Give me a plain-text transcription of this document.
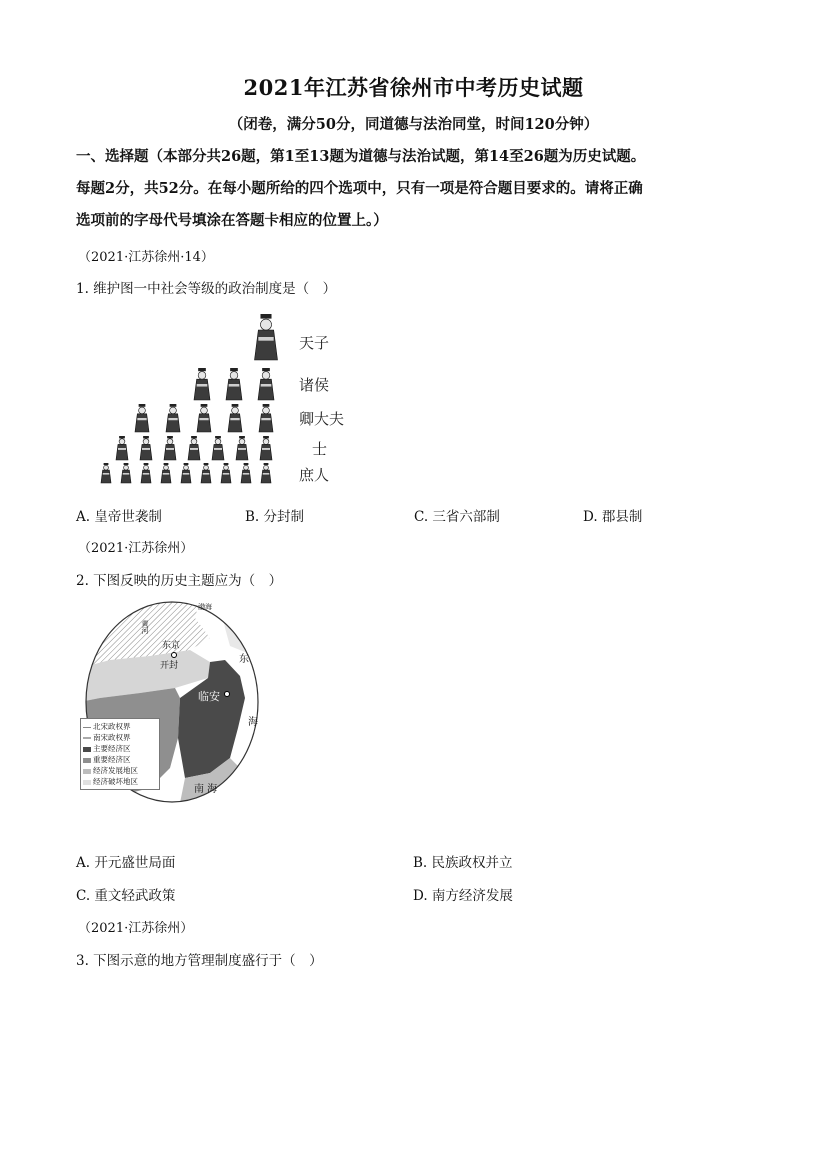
2021年江苏省徐州市中考历史试题
（闭卷，满分50分，同道德与法治同堂，时间120分钟）
一、选择题（本部分共26题，第1至13题为道德与法治试题，第14至26题为历史试题。
每题2分，共52分。在每小题所给的四个选项中，只有一项是符合题目要求的。请将正确
选项前的字母代号填涂在答题卡相应的位置上。）
（2021·江苏徐州·14）
1. 维护图一中社会等级的政治制度是（　）
天子
诸侯
卿大夫
士
庶人
A. 皇帝世袭制	B. 分封制	C. 三省六部制	D. 郡县制
（2021·江苏徐州）
2. 下图反映的历史主题应为（　）
渤海
黄河
东京
开封
临安
东
海
南 海
北宋政权界
南宋政权界
主要经济区
重要经济区
经济发展地区
经济破坏地区
A. 开元盛世局面	B. 民族政权并立
C. 重文轻武政策	D. 南方经济发展
（2021·江苏徐州）
3. 下图示意的地方管理制度盛行于（　）
